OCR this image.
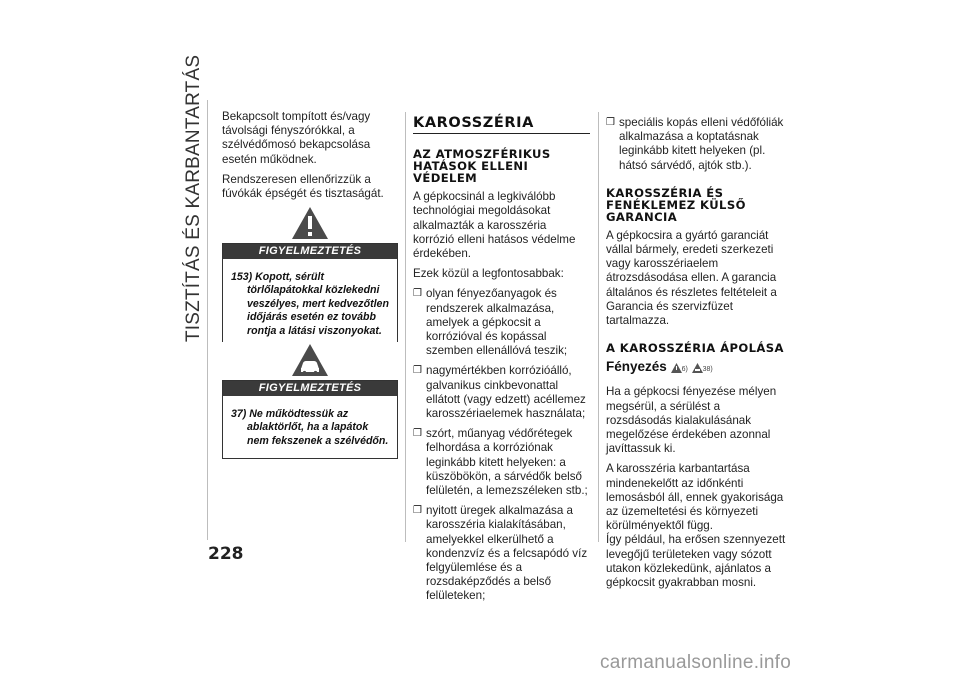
TISZTÍTÁS ÉS KARBANTARTÁS Bekapcsolt tompított és/vagy távolsági fényszórókkal, a szélvédőmosó bekapcsolása esetén működnek.

Rendszeresen ellenőrizzük a fúvókák épségét és tisztaságát.

FIGYELMEZTETÉS
153) Kopott, sérült törlőlapátokkal közlekedni veszélyes, mert kedvezőtlen időjárás esetén ez tovább rontja a látási viszonyokat.
FIGYELMEZTETÉS
37) Ne működtessük az ablaktörlőt, ha a lapátok nem fekszenek a szélvédőn.
KAROSSZÉRIA
AZ ATMOSZFÉRIKUS HATÁSOK ELLENI VÉDELEM

A gépkocsinál a legkiválóbb technológiai megoldásokat alkalmazták a karosszéria korrózió elleni hatásos védelme érdekében.

Ezek közül a legfontosabbak:

❒ olyan fényezőanyagok és rendszerek alkalmazása, amelyek a gépkocsit a korrózióval és kopással szemben ellenállóvá teszik;
❒ nagymértékben korrózióálló, galvanikus cinkbevonattal ellátott (vagy edzett) acéllemez karosszériaelemek használata;
❒ szórt, műanyag védőrétegek felhordása a korróziónak leginkább kitett helyeken: a küszöbökön, a sárvédők belső felületén, a lemezszéleken stb.;
❒ nyitott üregek alkalmazása a karosszéria kialakításában, amelyekkel elkerülhető a kondenzvíz és a felcsapódó víz felgyülemlése és a rozsdaképződés a belső felületeken;
❒ speciális kopás elleni védőfóliák alkalmazása a koptatásnak leginkább kitett helyeken (pl. hátsó sárvédő, ajtók stb.).
KAROSSZÉRIA ÉS FENÉKLEMEZ KÜLSŐ GARANCIA

A gépkocsira a gyártó garanciát vállal bármely, eredeti szerkezeti vagy karosszériaelem átrozsdásodása ellen. A garancia általános és részletes feltételeit a Garancia és szervizfüzet tartalmazza.

A KAROSSZÉRIA ÁPOLÁSA
Fényezés 6) 38)

Ha a gépkocsi fényezése mélyen megsérül, a sérülést a rozsdásodás kialakulásának megelőzése érdekében azonnal javíttassuk ki.

A karosszéria karbantartása mindenekelőtt az időnkénti lemosásból áll, ennek gyakorisága az üzemeltetési és környezeti körülményektől függ.

Így például, ha erősen szennyezett levegőjű területeken vagy sózott utakon közlekedünk, ajánlatos a gépkocsit gyakrabban mosni.

228
carmanualsonline.info
